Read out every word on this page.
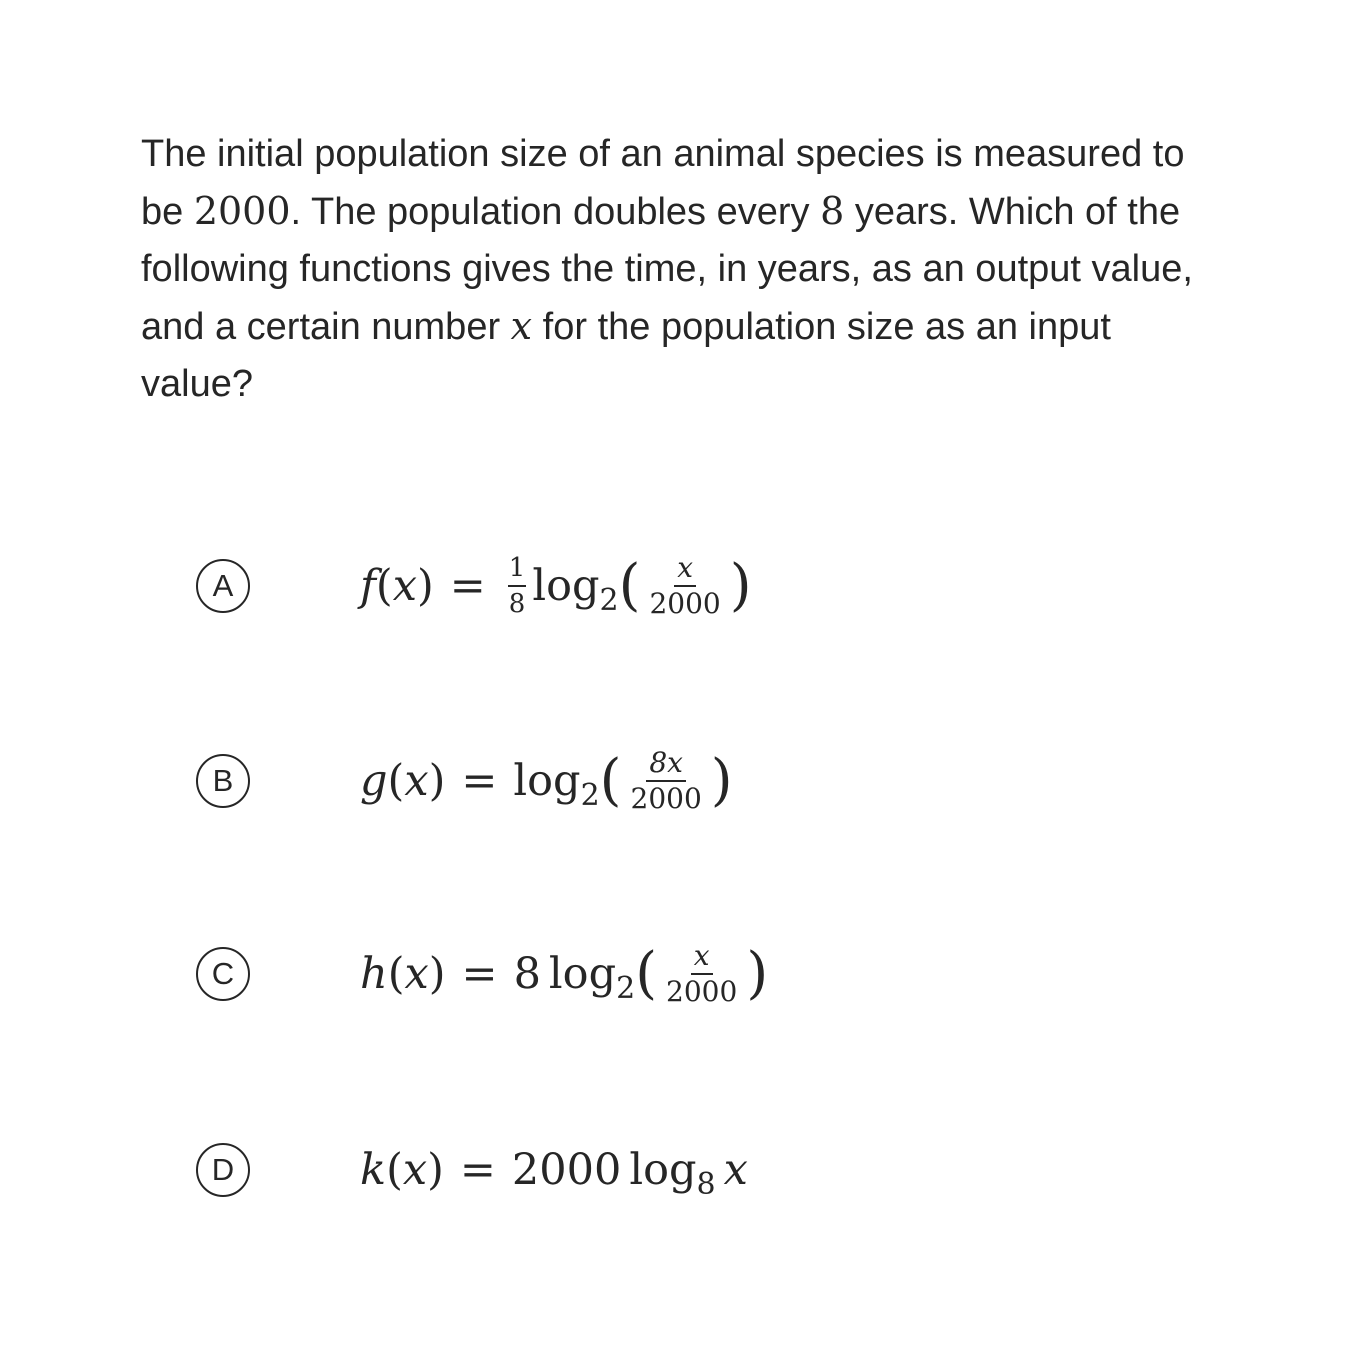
The initial population size of an animal species is measured to be 2000. The population doubles every 8 years. Which of the following functions gives the time, in years, as an output value, and a certain number x for the population size as an input value?
A	f ( x ) = $\frac{1}{8}$ log 2 ( $\frac{x}{2000}$ )
B	g ( x ) = log 2 ( $\frac{8x}{2000}$ )
C	h ( x ) = 8 log 2 ( $\frac{x}{2000}$ )
D	k ( x ) = 2000 log 8 x
